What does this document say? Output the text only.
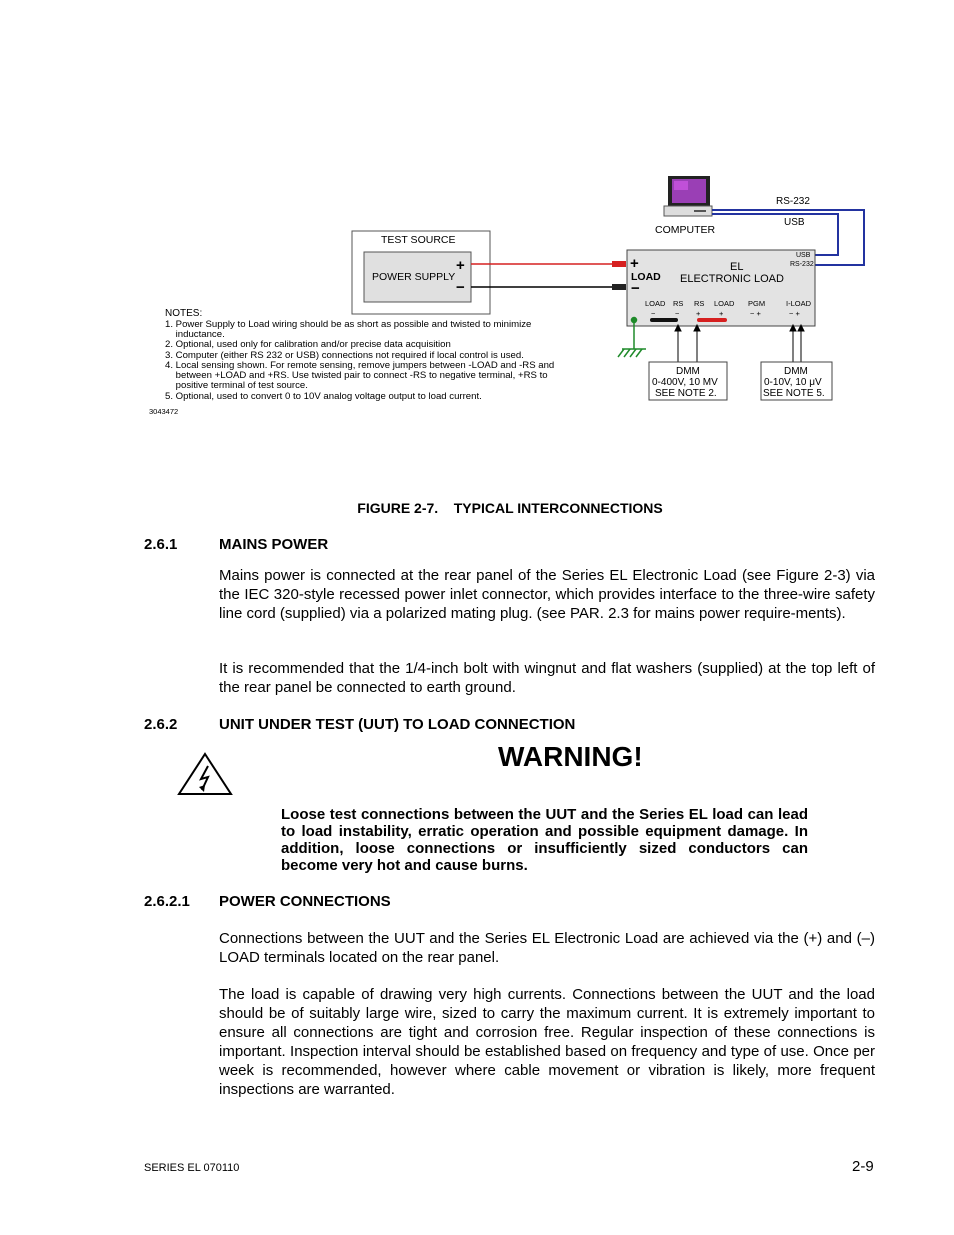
TEST SOURCE
POWER SUPPLY
+
−
COMPUTER
RS-232
USB
+
LOAD
−
EL
ELECTRONIC LOAD
USB
RS-232
LOAD RS RS LOAD PGM	I-LOAD
−	− + +	− +	− +
DMM
0-400V, 10 MV
SEE NOTE 2.
DMM
0-10V, 10 μV
SEE NOTE 5.
NOTES:
1. Power Supply to Load wiring should be as short as possible and twisted to minimize
inductance.
2. Optional, used only for calibration and/or precise data acquisition
3. Computer (either RS 232 or USB) connections not required if local control is used.
4. Local sensing shown. For remote sensing, remove jumpers between -LOAD and -RS and
between +LOAD and +RS. Use twisted pair to connect -RS to negative terminal, +RS to
positive terminal of test source.
5. Optional, used to convert 0 to 10V analog voltage output to load current.
3043472
FIGURE 2-7.    TYPICAL INTERCONNECTIONS
2.6.1	MAINS POWER
Mains power is connected at the rear panel of the Series EL Electronic Load (see Figure 2-3) via the IEC 320-style recessed power inlet connector, which provides interface to the three-wire safety line cord (supplied) via a polarized mating plug. (see PAR. 2.3 for mains power require-ments).
It is recommended that the 1/4-inch bolt with wingnut and flat washers (supplied) at the top left of the rear panel be connected to earth ground.
2.6.2	UNIT UNDER TEST (UUT) TO LOAD CONNECTION
WARNING!
Loose test connections between the UUT and the Series EL load can lead to load instability, erratic operation and possible equipment damage. In addition, loose connections or insufficiently sized conductors can become very hot and cause burns.
2.6.2.1 POWER CONNECTIONS
Connections between the UUT and the Series EL Electronic Load are achieved via the (+) and (–) LOAD terminals located on the rear panel.
The load is capable of drawing very high currents. Connections between the UUT and the load should be of suitably large wire, sized to carry the maximum current. It is extremely important to ensure all connections are tight and corrosion free. Regular inspection of these connections is important. Inspection interval should be established based on frequency and type of use. Once per week is recommended, however where cable movement or vibration is likely, more frequent inspections are warranted.
SERIES EL 070110	2-9
